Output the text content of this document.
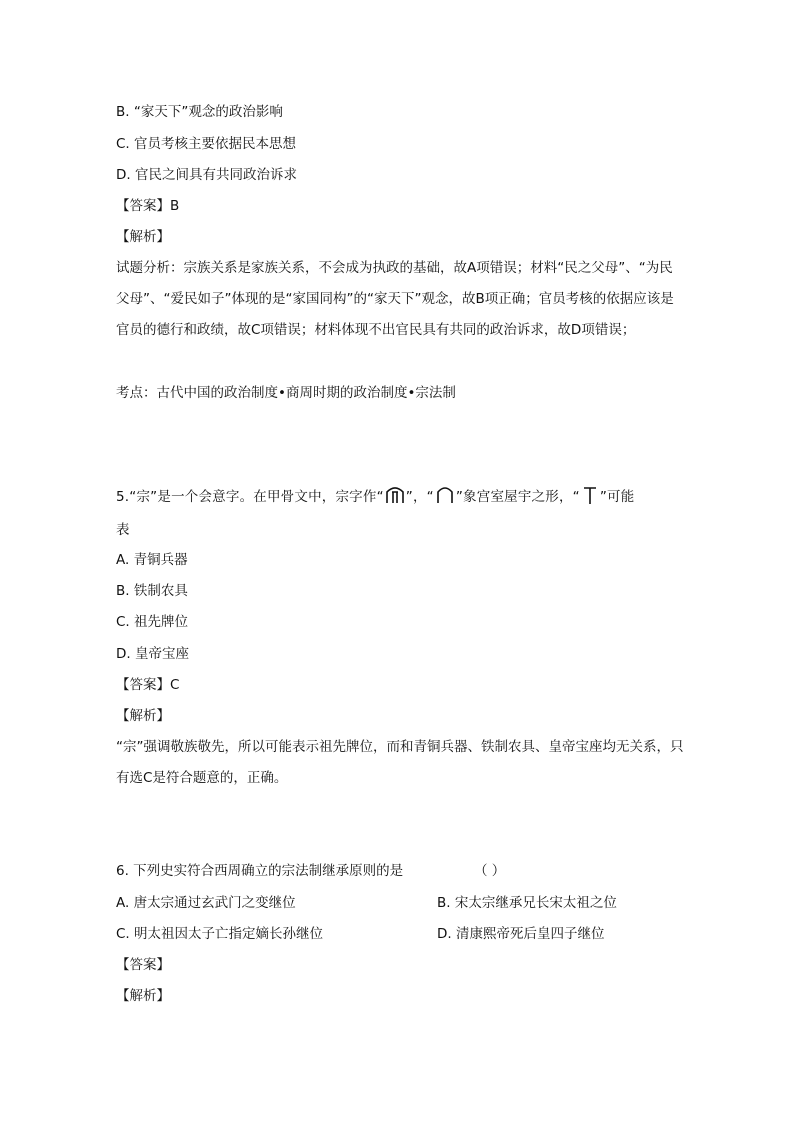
B. “家天下”观念的政治影响
C. 官员考核主要依据民本思想
D. 官民之间具有共同政治诉求
【答案】B
【解析】
试题分析：宗族关系是家族关系，不会成为执政的基础，故A项错误；材料“民之父母”、“为民父母”、“爱民如子”体现的是“家国同构”的“家天下”观念，故B项正确；官员考核的依据应该是官员的德行和政绩，故C项错误；材料体现不出官民具有共同的政治诉求，故D项错误；
考点：古代中国的政治制度•商周时期的政治制度•宗法制
5.“宗”是一个会意字。在甲骨文中，宗字作“ ”，“ ”象宫室屋宇之形，“ ”可能
表
A. 青铜兵器
B. 铁制农具
C. 祖先牌位
D. 皇帝宝座
【答案】C
【解析】
“宗”强调敬族敬先，所以可能表示祖先牌位，而和青铜兵器、铁制农具、皇帝宝座均无关系，只有选C是符合题意的，正确。
6. 下列史实符合西周确立的宗法制继承原则的是	（ ）
A. 唐太宗通过玄武门之变继位	B. 宋太宗继承兄长宋太祖之位
C. 明太祖因太子亡指定嫡长孙继位	D. 清康熙帝死后皇四子继位
【答案】
【解析】
